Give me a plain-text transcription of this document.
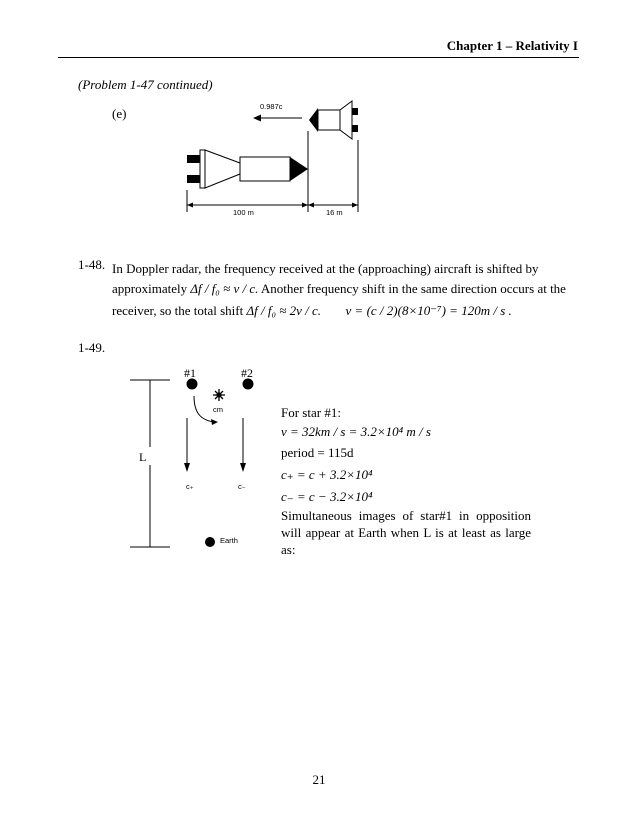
Chapter 1 – Relativity I
(Problem 1-47 continued)
(e)	0.987c
100 m	16 m
1-48. In Doppler radar, the frequency received at the (approaching) aircraft is shifted by
approximately Δf / f₀ ≈ v / c. Another frequency shift in the same direction occurs at the
receiver, so the total shift Δf / f₀ ≈ 2v / c. v = (c / 2)(8×10⁻⁷) = 120m / s .
1-49.
#1	#2
cm
L
c₊	c₋
Earth
For star #1:
v = 32km / s = 3.2×10⁴ m / s
period = 115d
c₊ = c + 3.2×10⁴
c₋ = c − 3.2×10⁴
Simultaneous images of star#1 in opposition will appear at Earth when L is at least as large as:
21
